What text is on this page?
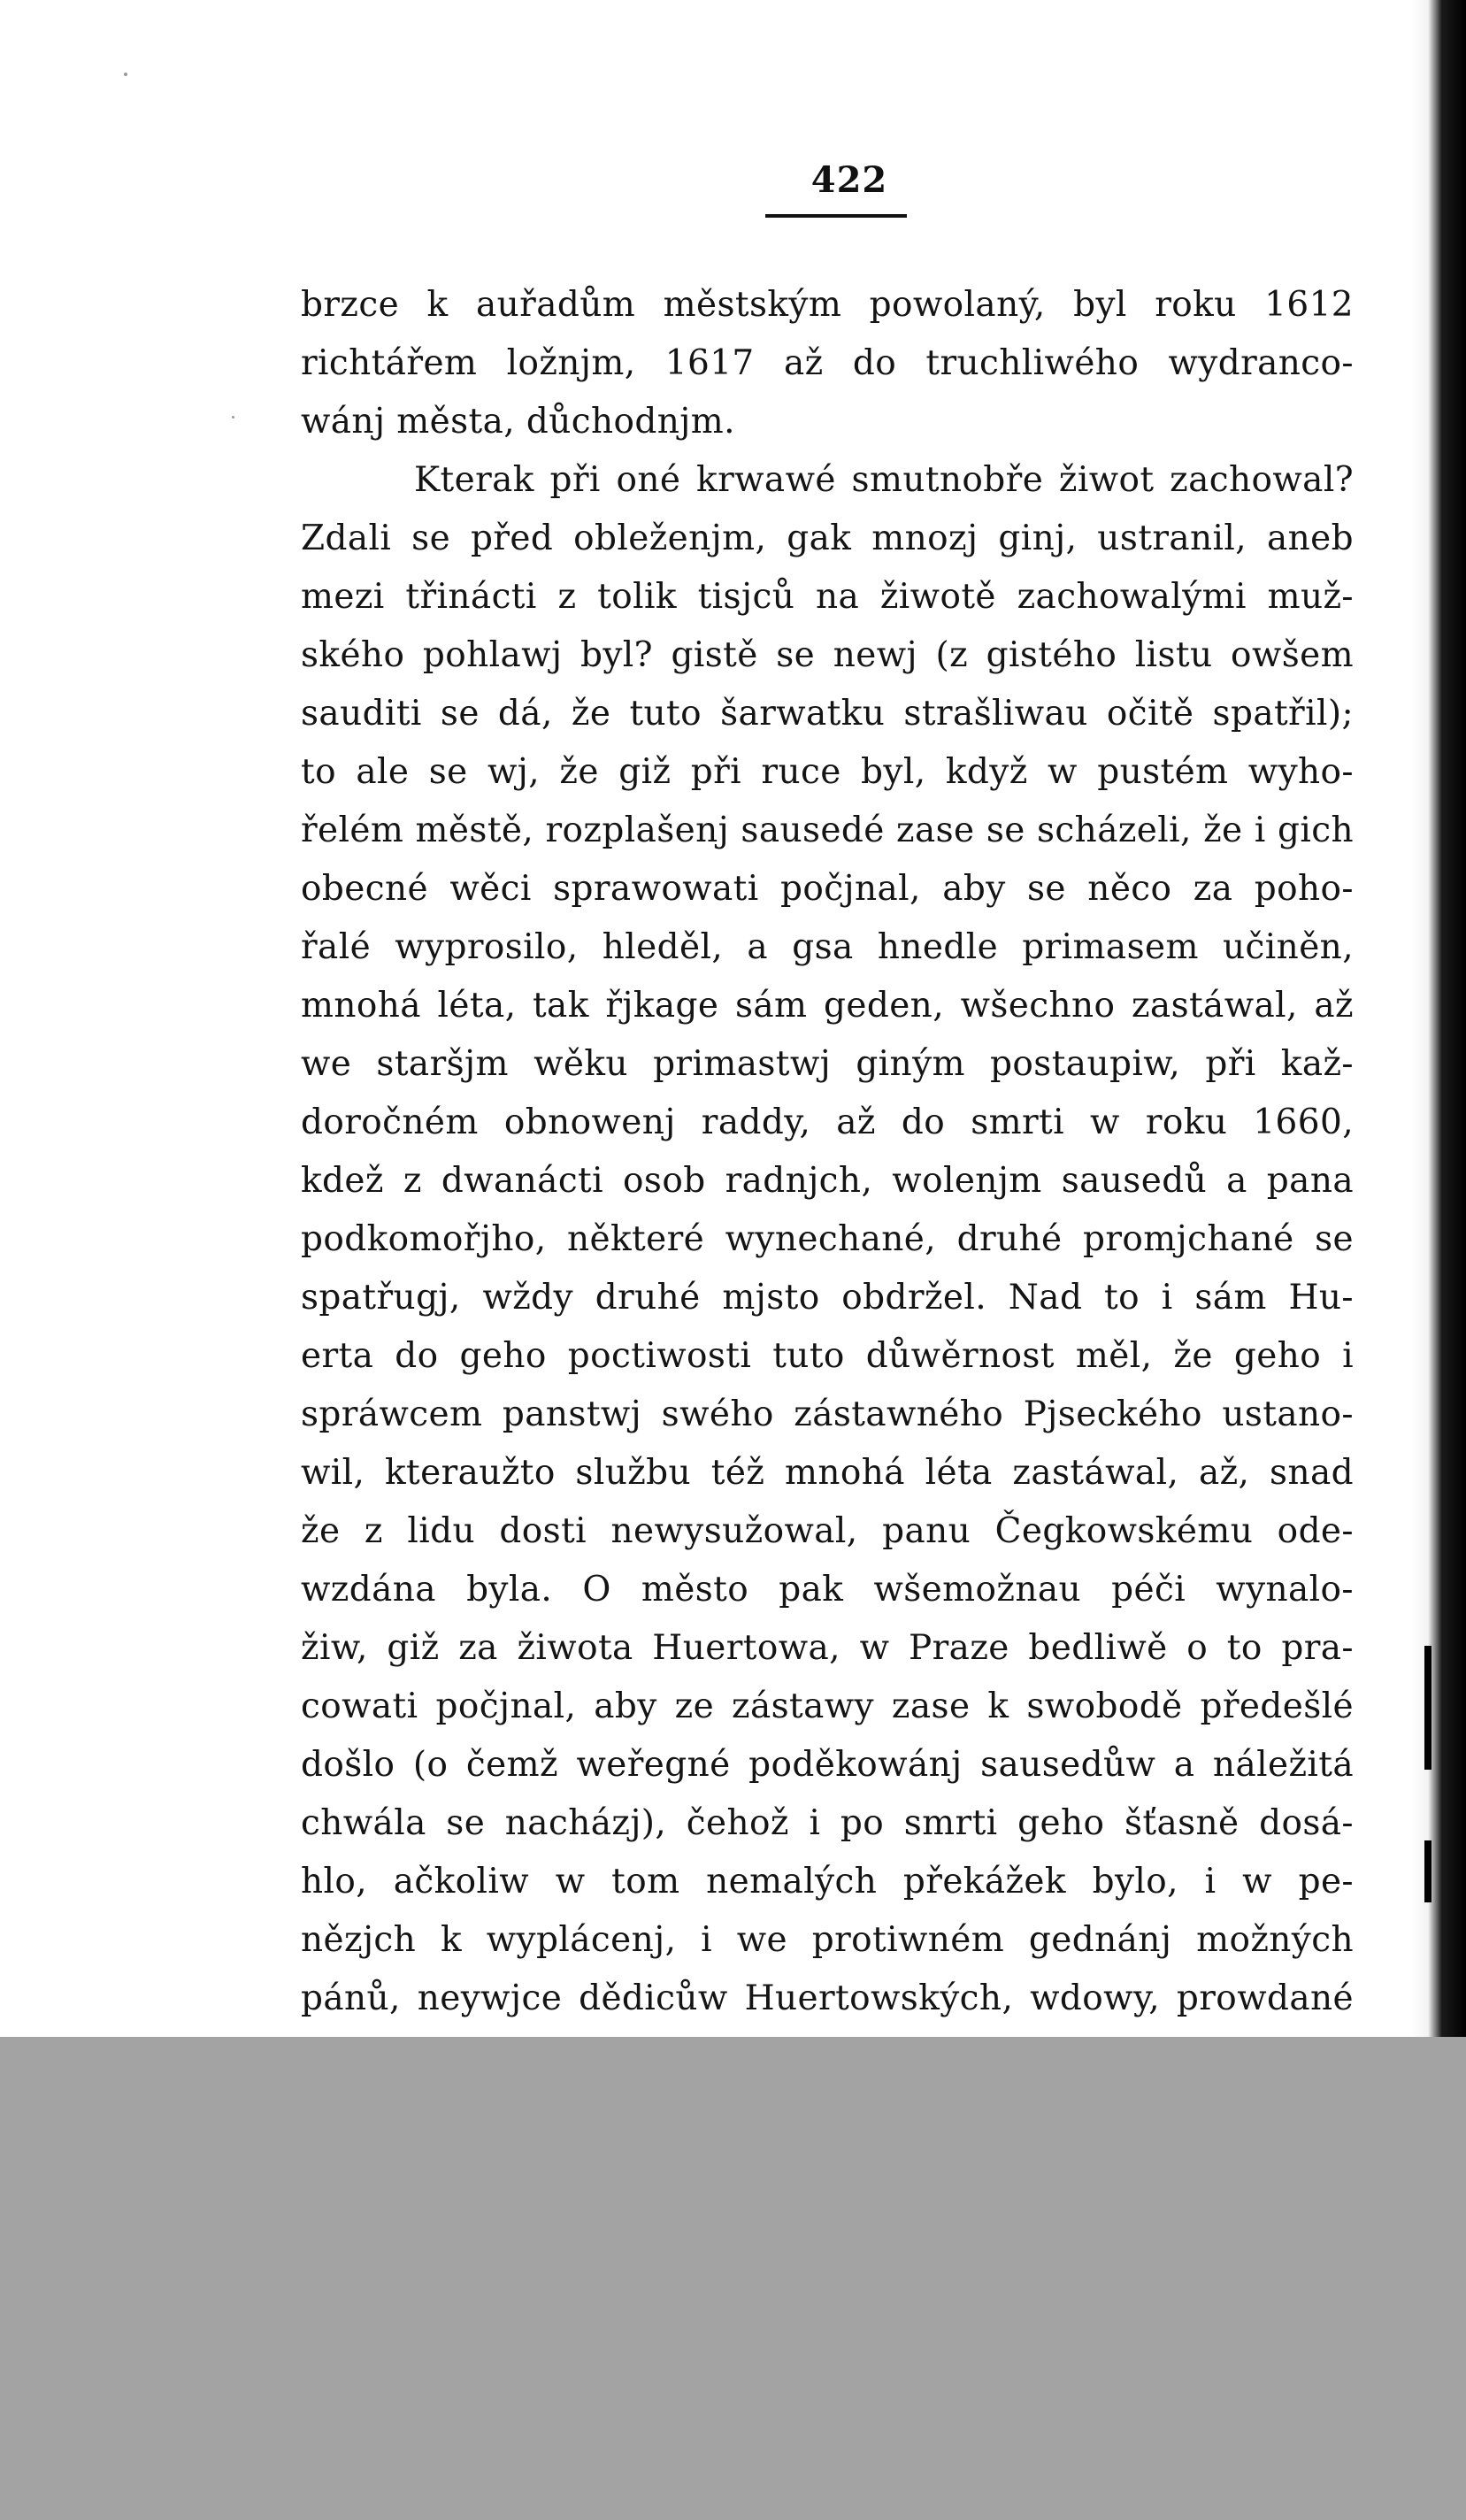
422
brzce k auřadům městským powolaný, byl roku 1612
richtářem ložnjm, 1617 až do truchliwého wydranco-
wánj města, důchodnjm.
Kterak při oné krwawé smutnobře žiwot zachowal?
Zdali se před obleženjm, gak mnozj ginj, ustranil, aneb
mezi třinácti z tolik tisjců na žiwotě zachowalými muž-
ského pohlawj byl? gistě se newj (z gistého listu owšem
sauditi se dá, že tuto šarwatku strašliwau očitě spatřil);
to ale se wj, že giž při ruce byl, když w pustém wyho-
řelém městě, rozplašenj sausedé zase se scházeli, že i gich
obecné wěci sprawowati počjnal, aby se něco za poho-
řalé wyprosilo, hleděl, a gsa hnedle primasem učiněn,
mnohá léta, tak řjkage sám geden, wšechno zastáwal, až
we staršjm wěku primastwj giným postaupiw, při kaž-
doročném obnowenj raddy, až do smrti w roku 1660,
kdež z dwanácti osob radnjch, wolenjm sausedů a pana
podkomořjho, některé wynechané, druhé promjchané se
spatřugj, wždy druhé mjsto obdržel. Nad to i sám Hu-
erta do geho poctiwosti tuto důwěrnost měl, že geho i
spráwcem panstwj swého zástawného Pjseckého ustano-
wil, kteraužto službu též mnohá léta zastáwal, až, snad
že z lidu dosti newysužowal, panu Čegkowskému ode-
wzdána byla. O město pak wšemožnau péči wynalo-
žiw, giž za žiwota Huertowa, w Praze bedliwě o to pra-
cowati počjnal, aby ze zástawy zase k swobodě předešlé
došlo (o čemž weřegné poděkowánj sausedůw a náležitá
chwála se nacházj), čehož i po smrti geho šťasně dosá-
hlo, ačkoliw w tom nemalých překážek bylo, i w pe-
nězjch k wyplácenj, i we protiwném gednánj možných
pánů, neywjce dědicůw Huertowských, wdowy, prowdané
